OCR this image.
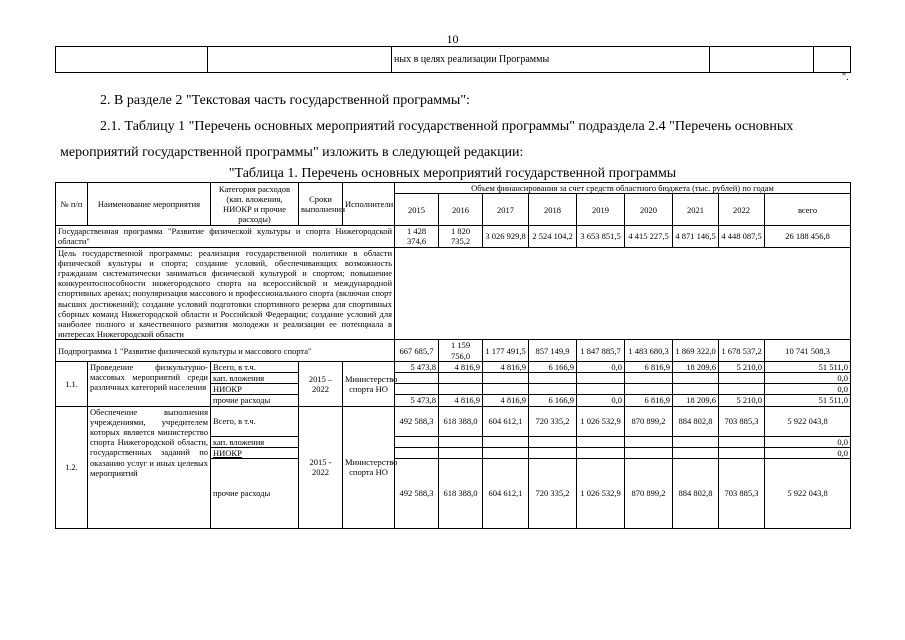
10
		ных в целях реализации Программы		
".
2. В разделе 2 "Текстовая часть государственной программы":
2.1. Таблицу 1 "Перечень основных мероприятий государственной программы" подраздела 2.4 "Перечень основных
мероприятий государственной программы" изложить в следующей редакции:
"Таблица 1. Перечень основных мероприятий государственной программы
№ п/п	Наименование мероприятия	Категория расходов (кап. вложения, НИОКР и прочие расходы)	Сроки выполнения	Исполнители	Объем финансирования за счет средств областного бюджета (тыс. рублей) по годам								
					2015	2016	2017	2018	2019	2020	2021	2022	всего
Государственная программа "Развитие физической культуры и спорта Нижегородской области"					1 428 374,6	1 820 735,2	3 026 929,8	2 524 104,2	3 653 851,5	4 415 227,5	4 871 146,5	4 448 087,5	26 188 456,8
Цель государственной программы: реализация государственной политики в области физической культуры и спорта; создание условий, обеспечивающих возможность гражданам систематически заниматься физической культурой и спортом; повышение конкурентоспособности нижегородского спорта на всероссийской и международной спортивных аренах; популяризация массового и профессионального спорта (включая спорт высших достижений); создание условий подготовки спортивного резерва для спортивных сборных команд Нижегородской области и Российской Федерации; создание условий для наиболее полного и качественного развития молодежи и реализации ее потенциала в интересах Нижегородской области													
Подпрограмма 1 "Развитие физической культуры и массового спорта"					667 685,7	1 159 756,0	1 177 491,5	857 149,9	1 847 885,7	1 483 680,3	1 869 322,0	1 678 537,2	10 741 508,3
1.1.	Проведение физкультурно-массовых мероприятий среди различных категорий населения	Всего, в т.ч.	2015 – 2022	Министерство спорта НО	5 473,8	4 816,9	4 816,9	6 166,9	0,0	6 816,9	18 209,6	5 210,0	51 511,0
		кап. вложения											0,0
		НИОКР											0,0
		прочие расходы			5 473,8	4 816,9	4 816,9	6 166,9	0,0	6 816,9	18 209,6	5 210,0	51 511,0
1.2.	Обеспечение выполнения учреждениями, учредителем которых является министерство спорта Нижегородской области, государственных заданий по оказанию услуг и иных целевых мероприятий	Всего, в т.ч.	2015 - 2022	Министерство спорта НО	492 588,3	618 388,0	604 612,1	720 335,2	1 026 532,9	870 899,2	884 802,8	703 885,3	5 922 043,8
		кап. вложения											0,0
		НИОКР											0,0
		прочие расходы			492 588,3	618 388,0	604 612,1	720 335,2	1 026 532,9	870 899,2	884 802,8	703 885,3	5 922 043,8
